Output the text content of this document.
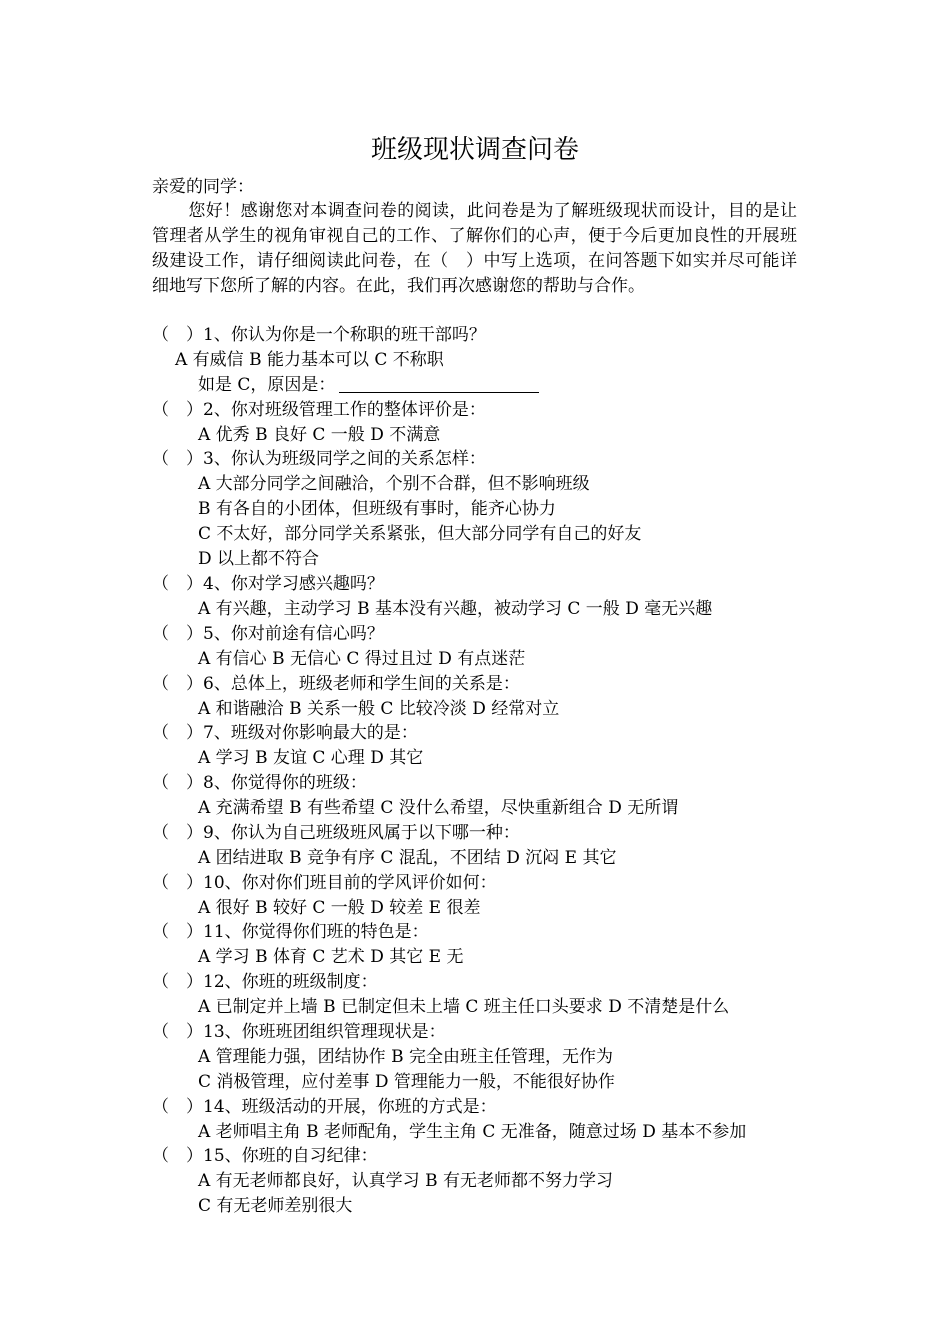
班级现状调查问卷
亲爱的同学：
您好！感谢您对本调查问卷的阅读，此问卷是为了解班级现状而设计，目的是让管理者从学生的视角审视自己的工作、了解你们的心声，便于今后更加良性的开展班级建设工作，请仔细阅读此问卷，在（　）中写上选项，在问答题下如实并尽可能详细地写下您所了解的内容。在此，我们再次感谢您的帮助与合作。
（　）1、你认为你是一个称职的班干部吗？
A 有威信 B 能力基本可以 C 不称职
如是 C，原因是：
（　）2、你对班级管理工作的整体评价是：
A 优秀 B 良好 C 一般 D 不满意
（　）3、你认为班级同学之间的关系怎样：
A 大部分同学之间融洽，个别不合群，但不影响班级
B 有各自的小团体，但班级有事时，能齐心协力
C 不太好，部分同学关系紧张，但大部分同学有自己的好友
D 以上都不符合
（　）4、你对学习感兴趣吗？
A 有兴趣，主动学习 B 基本没有兴趣，被动学习 C 一般 D 毫无兴趣
（　）5、你对前途有信心吗？
A 有信心 B 无信心 C 得过且过 D 有点迷茫
（　）6、总体上，班级老师和学生间的关系是：
A 和谐融洽 B 关系一般 C 比较冷淡 D 经常对立
（　）7、班级对你影响最大的是：
A 学习 B 友谊 C 心理 D 其它
（　）8、你觉得你的班级：
A 充满希望 B 有些希望 C 没什么希望，尽快重新组合 D 无所谓
（　）9、你认为自己班级班风属于以下哪一种：
A 团结进取 B 竞争有序 C 混乱，不团结 D 沉闷 E 其它
（　）10、你对你们班目前的学风评价如何：
A 很好 B 较好 C 一般 D 较差 E 很差
（　）11、你觉得你们班的特色是：
A 学习 B 体育 C 艺术 D 其它 E 无
（　）12、你班的班级制度：
A 已制定并上墙 B 已制定但未上墙 C 班主任口头要求 D 不清楚是什么
（　）13、你班班团组织管理现状是：
A 管理能力强，团结协作 B 完全由班主任管理，无作为
C 消极管理，应付差事 D 管理能力一般，不能很好协作
（　）14、班级活动的开展，你班的方式是：
A 老师唱主角 B 老师配角，学生主角 C 无准备，随意过场 D 基本不参加
（　）15、你班的自习纪律：
A 有无老师都良好，认真学习 B 有无老师都不努力学习
C 有无老师差别很大
